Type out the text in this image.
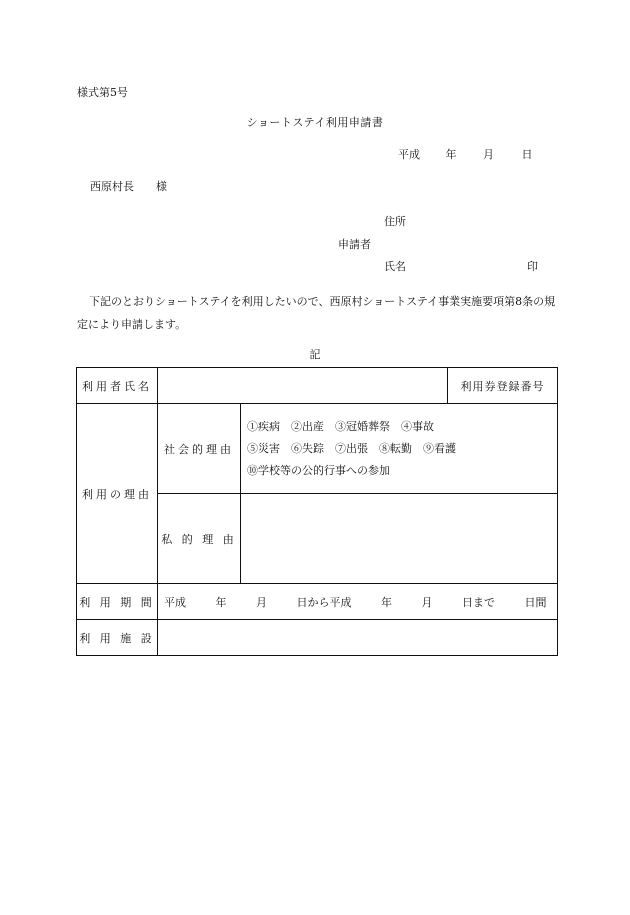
様式第5号
ショートステイ利用申請書
平成 年 月	日
西原村長　　様
住所
申請者
氏名	印
下記のとおりショートステイを利用したいので、西原村ショートステイ事業実施要項第8条の規定により申請します。
記
利用者氏名			利用券登録番号
利用の理由	社会的理由	①疾病　②出産　③冠婚葬祭　④事故
⑤災害　⑥失踪　⑦出張　⑧転勤　⑨看護
⑩学校等の公的行事への参加	

	私 的 理 由		
利 用 期 間	平成 年 月 日から平成 年 月 日まで 日間		
利 用 施 設			
